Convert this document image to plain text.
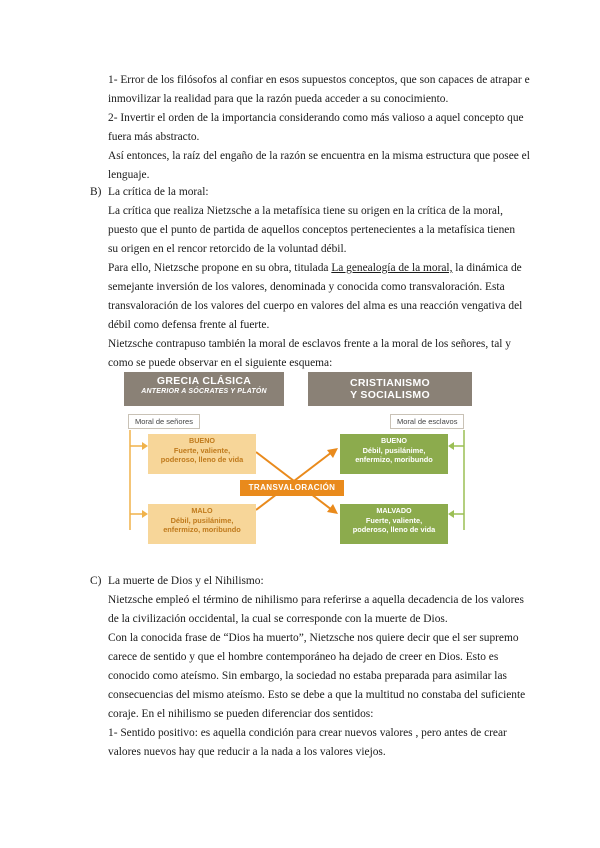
1- Error de los filósofos al confiar en esos supuestos conceptos, que son capaces de atrapar e
inmovilizar la realidad para que la razón pueda acceder a su conocimiento.
2- Invertir el orden de la importancia considerando como más valioso a aquel concepto que
fuera más abstracto.
Así entonces, la raíz del engaño de la razón se encuentra en la misma estructura que posee el
lenguaje.
B) La crítica de la moral:
La crítica que realiza Nietzsche a la metafísica tiene su origen en la crítica de la moral,
puesto que el punto de partida de aquellos conceptos pertenecientes a la metafísica tienen
su origen en el rencor retorcido de la voluntad débil.
Para ello, Nietzsche propone en su obra, titulada La genealogía de la moral, la dinámica de
semejante inversión de los valores, denominada y conocida como transvaloración. Esta
transvaloración de los valores del cuerpo en valores del alma es una reacción vengativa del
débil como defensa frente al fuerte.
Nietzsche contrapuso también la moral de esclavos frente a la moral de los señores, tal y
como se puede observar en el siguiente esquema:
GRECIA CLÁSICA
ANTERIOR A SÓCRATES Y PLATÓN
CRISTIANISMO
Y SOCIALISMO
Moral de señores	Moral de esclavos
BUENO
Fuerte, valiente,
poderoso, lleno de vida
BUENO
Débil, pusilánime,
enfermizo, moribundo
MALO
Débil, pusilánime,
enfermizo, moribundo
MALVADO
Fuerte, valiente,
poderoso, lleno de vida
TRANSVALORACIÓN
C) La muerte de Dios y el Nihilismo:
Nietzsche empleó el término de nihilismo para referirse a aquella decadencia de los valores
de la civilización occidental, la cual se corresponde con la muerte de Dios.
Con la conocida frase de “Dios ha muerto”, Nietzsche nos quiere decir que el ser supremo
carece de sentido y que el hombre contemporáneo ha dejado de creer en Dios. Esto es
conocido como ateísmo. Sin embargo, la sociedad no estaba preparada para asimilar las
consecuencias del mismo ateísmo. Esto se debe a que la multitud no constaba del suficiente
coraje. En el nihilismo se pueden diferenciar dos sentidos:
1- Sentido positivo: es aquella condición para crear nuevos valores , pero antes de crear
valores nuevos hay que reducir a la nada a los valores viejos.
